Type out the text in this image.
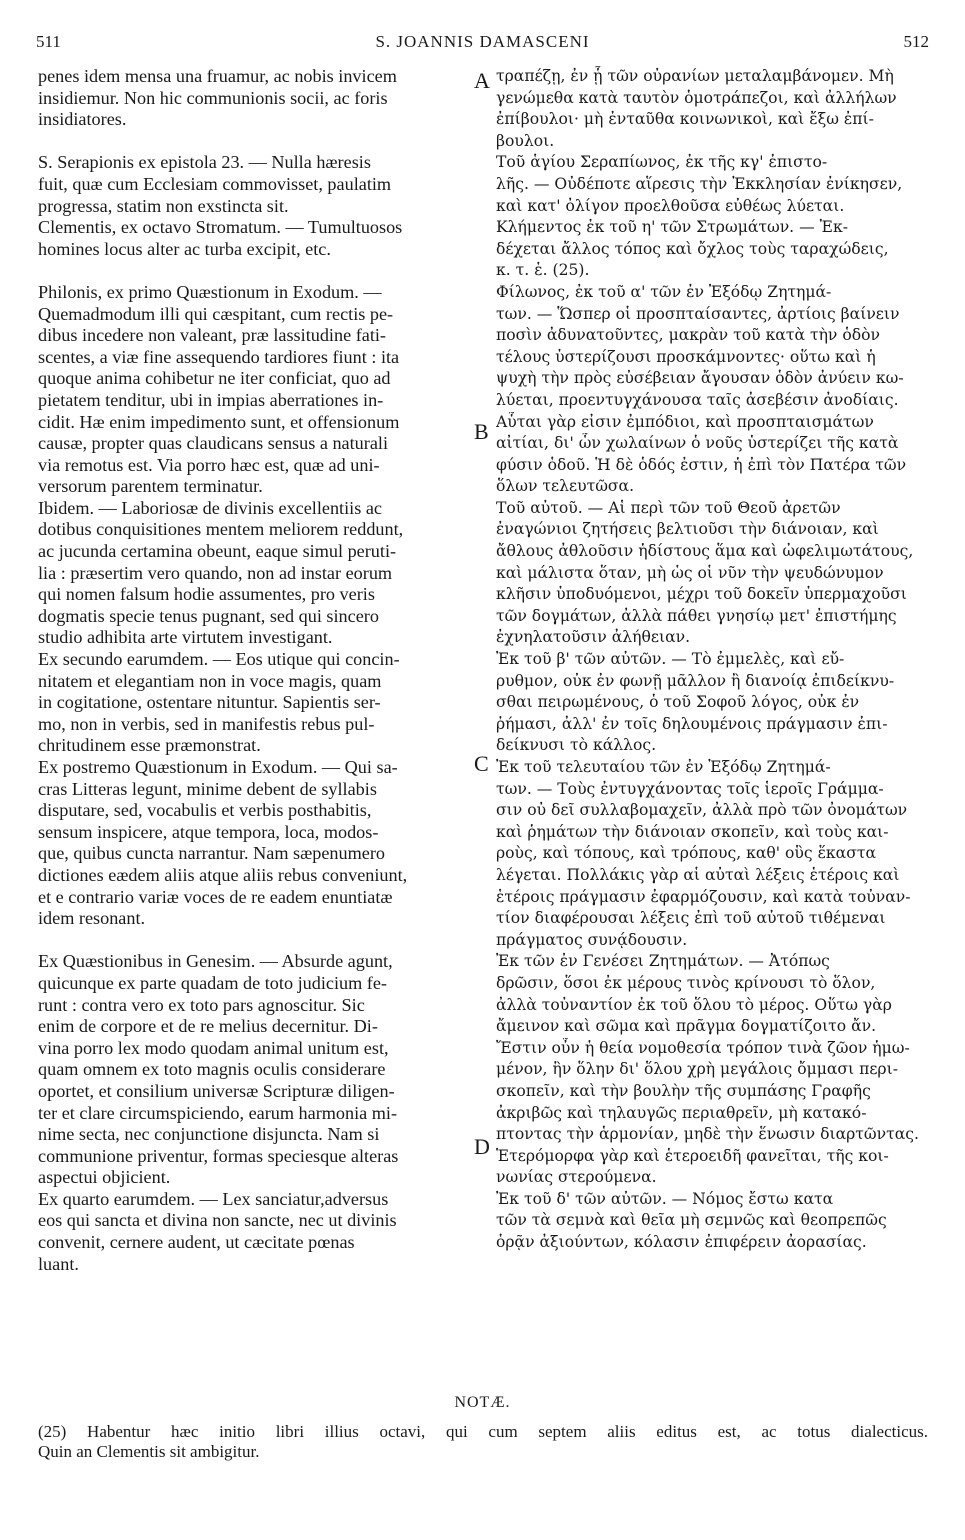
511	S. JOANNIS DAMASCENI	512
penes idem mensa una fruamur, ac nobis invicem
insidiemur. Non hic communionis socii, ac foris
insidiatores.
S. Serapionis ex epistola 23. — Nulla hæresis
fuit, quæ cum Ecclesiam commovisset, paulatim
progressa, statim non exstincta sit.
Clementis, ex octavo Stromatum. — Tumultuosos
homines locus alter ac turba excipit, etc.
Philonis, ex primo Quæstionum in Exodum. —
Quemadmodum illi qui cæspitant, cum rectis pe-
dibus incedere non valeant, præ lassitudine fati-
scentes, a viæ fine assequendo tardiores fiunt : ita
quoque anima cohibetur ne iter conficiat, quo ad
pietatem tenditur, ubi in impias aberrationes in-
cidit. Hæ enim impedimento sunt, et offensionum
causæ, propter quas claudicans sensus a naturali
via remotus est. Via porro hæc est, quæ ad uni-
versorum parentem terminatur.
Ibidem. — Laboriosæ de divinis excellentiis ac
dotibus conquisitiones mentem meliorem reddunt,
ac jucunda certamina obeunt, eaque simul peruti-
lia : præsertim vero quando, non ad instar eorum
qui nomen falsum hodie assumentes, pro veris
dogmatis specie tenus pugnant, sed qui sincero
studio adhibita arte virtutem investigant.
Ex secundo earumdem. — Eos utique qui concin-
nitatem et elegantiam non in voce magis, quam
in cogitatione, ostentare nituntur. Sapientis ser-
mo, non in verbis, sed in manifestis rebus pul-
chritudinem esse præmonstrat.
Ex postremo Quæstionum in Exodum. — Qui sa-
cras Litteras legunt, minime debent de syllabis
disputare, sed, vocabulis et verbis posthabitis,
sensum inspicere, atque tempora, loca, modos-
que, quibus cuncta narrantur. Nam sæpenumero
dictiones eædem aliis atque aliis rebus conveniunt,
et e contrario variæ voces de re eadem enuntiatæ
idem resonant.
Ex Quæstionibus in Genesim. — Absurde agunt,
quicunque ex parte quadam de toto judicium fe-
runt : contra vero ex toto pars agnoscitur. Sic
enim de corpore et de re melius decernitur. Di-
vina porro lex modo quodam animal unitum est,
quam omnem ex toto magnis oculis considerare
oportet, et consilium universæ Scripturæ diligen-
ter et clare circumspiciendo, earum harmonia mi-
nime secta, nec conjunctione disjuncta. Nam si
communione priventur, formas speciesque alteras
aspectui objicient.
Ex quarto earumdem. — Lex sanciatur,adversus
eos qui sancta et divina non sancte, nec ut divinis
convenit, cernere audent, ut cæcitate pœnas
luant.
τραπέζῃ, ἐν ᾗ τῶν οὐρανίων μεταλαμβάνομεν. Μὴ
γενώμεθα κατὰ ταυτὸν ὁμοτράπεζοι, καὶ ἀλλήλων
ἐπίβουλοι· μὴ ἐνταῦθα κοινωνικοὶ, καὶ ἔξω ἐπί-
βουλοι.
Τοῦ ἁγίου Σεραπίωνος, ἐκ τῆς κγ' ἐπιστο-
λῆς. — Οὐδέποτε αἵρεσις τὴν Ἐκκλησίαν ἐνίκησεν,
καὶ κατ' ὀλίγον προελθοῦσα εὐθέως λύεται.
Κλήμεντος ἐκ τοῦ η' τῶν Στρωμάτων. — Ἐκ-
δέχεται ἄλλος τόπος καὶ ὄχλος τοὺς ταραχώδεις,
κ. τ. ἑ. (25).
Φίλωνος, ἐκ τοῦ α' τῶν ἐν Ἐξόδῳ Ζητημά-
των. — Ὥσπερ οἱ προσπταίσαντες, ἀρτίοις βαίνειν
ποσὶν ἀδυνατοῦντες, μακρὰν τοῦ κατὰ τὴν ὁδὸν
τέλους ὑστερίζουσι προσκάμνοντες· οὕτω καὶ ἡ
ψυχὴ τὴν πρὸς εὐσέβειαν ἄγουσαν ὁδὸν ἀνύειν κω-
λύεται, προεντυγχάνουσα ταῖς ἀσεβέσιν ἀνοδίαις.
Αὗται γὰρ εἰσιν ἐμπόδιοι, καὶ προσπταισμάτων
αἰτίαι, δι' ὧν χωλαίνων ὁ νοῦς ὑστερίζει τῆς κατὰ
φύσιν ὁδοῦ. Ἡ δὲ ὁδός ἐστιν, ἡ ἐπὶ τὸν Πατέρα τῶν
ὅλων τελευτῶσα.
Τοῦ αὐτοῦ. — Αἱ περὶ τῶν τοῦ Θεοῦ ἀρετῶν
ἐναγώνιοι ζητήσεις βελτιοῦσι τὴν διάνοιαν, καὶ
ἄθλους ἀθλοῦσιν ἡδίστους ἅμα καὶ ὠφελιμωτάτους,
καὶ μάλιστα ὅταν, μὴ ὡς οἱ νῦν τὴν ψευδώνυμον
κλῆσιν ὑποδυόμενοι, μέχρι τοῦ δοκεῖν ὑπερμαχοῦσι
τῶν δογμάτων, ἀλλὰ πάθει γνησίῳ μετ' ἐπιστήμης
ἐχνηλατοῦσιν ἀλήθειαν.
Ἐκ τοῦ β' τῶν αὐτῶν. — Τὸ ἐμμελὲς, καὶ εὔ-
ρυθμον, οὐκ ἐν φωνῇ μᾶλλον ἢ διανοίᾳ ἐπιδείκνυ-
σθαι πειρωμένους, ὁ τοῦ Σοφοῦ λόγος, οὐκ ἐν
ῥήμασι, ἀλλ' ἐν τοῖς δηλουμένοις πράγμασιν ἐπι-
δείκνυσι τὸ κάλλος.
Ἐκ τοῦ τελευταίου τῶν ἐν Ἐξόδῳ Ζητημά-
των. — Τοὺς ἐντυγχάνοντας τοῖς ἱεροῖς Γράμμα-
σιν οὐ δεῖ συλλαβομαχεῖν, ἀλλὰ πρὸ τῶν ὀνομάτων
καὶ ῥημάτων τὴν διάνοιαν σκοπεῖν, καὶ τοὺς και-
ροὺς, καὶ τόπους, καὶ τρόπους, καθ' οὓς ἕκαστα
λέγεται. Πολλάκις γὰρ αἱ αὐταὶ λέξεις ἑτέροις καὶ
ἑτέροις πράγμασιν ἐφαρμόζουσιν, καὶ κατὰ τοὐναν-
τίον διαφέρουσαι λέξεις ἐπὶ τοῦ αὐτοῦ τιθέμεναι
πράγματος συνᾴδουσιν.
Ἐκ τῶν ἐν Γενέσει Ζητημάτων. — Ἀτόπως
δρῶσιν, ὅσοι ἐκ μέρους τινὸς κρίνουσι τὸ ὅλον,
ἀλλὰ τοὐναντίον ἐκ τοῦ ὅλου τὸ μέρος. Οὕτω γὰρ
ἄμεινον καὶ σῶμα καὶ πρᾶγμα δογματίζοιτο ἄν.
Ἔστιν οὖν ἡ θεία νομοθεσία τρόπον τινὰ ζῶον ἡμω-
μένον, ἣν ὅλην δι' ὅλου χρὴ μεγάλοις ὄμμασι περι-
σκοπεῖν, καὶ τὴν βουλὴν τῆς συμπάσης Γραφῆς
ἀκριβῶς καὶ τηλαυγῶς περιαθρεῖν, μὴ κατακό-
πτοντας τὴν ἁρμονίαν, μηδὲ τὴν ἕνωσιν διαρτῶντας.
Ἑτερόμορφα γὰρ καὶ ἑτεροειδῆ φανεῖται, τῆς κοι-
νωνίας στερούμενα.
Ἐκ τοῦ δ' τῶν αὐτῶν. — Νόμος ἔστω κατα
τῶν τὰ σεμνὰ καὶ θεῖα μὴ σεμνῶς καὶ θεοπρεπῶς
ὁρᾷν ἀξιούντων, κόλασιν ἐπιφέρειν ἀορασίας.
A
B
C
D
NOTÆ.
(25) Habentur hæc initio libri illius octavi, qui cum septem aliis editus est, ac totus dialecticus.
Quin an Clementis sit ambigitur.
